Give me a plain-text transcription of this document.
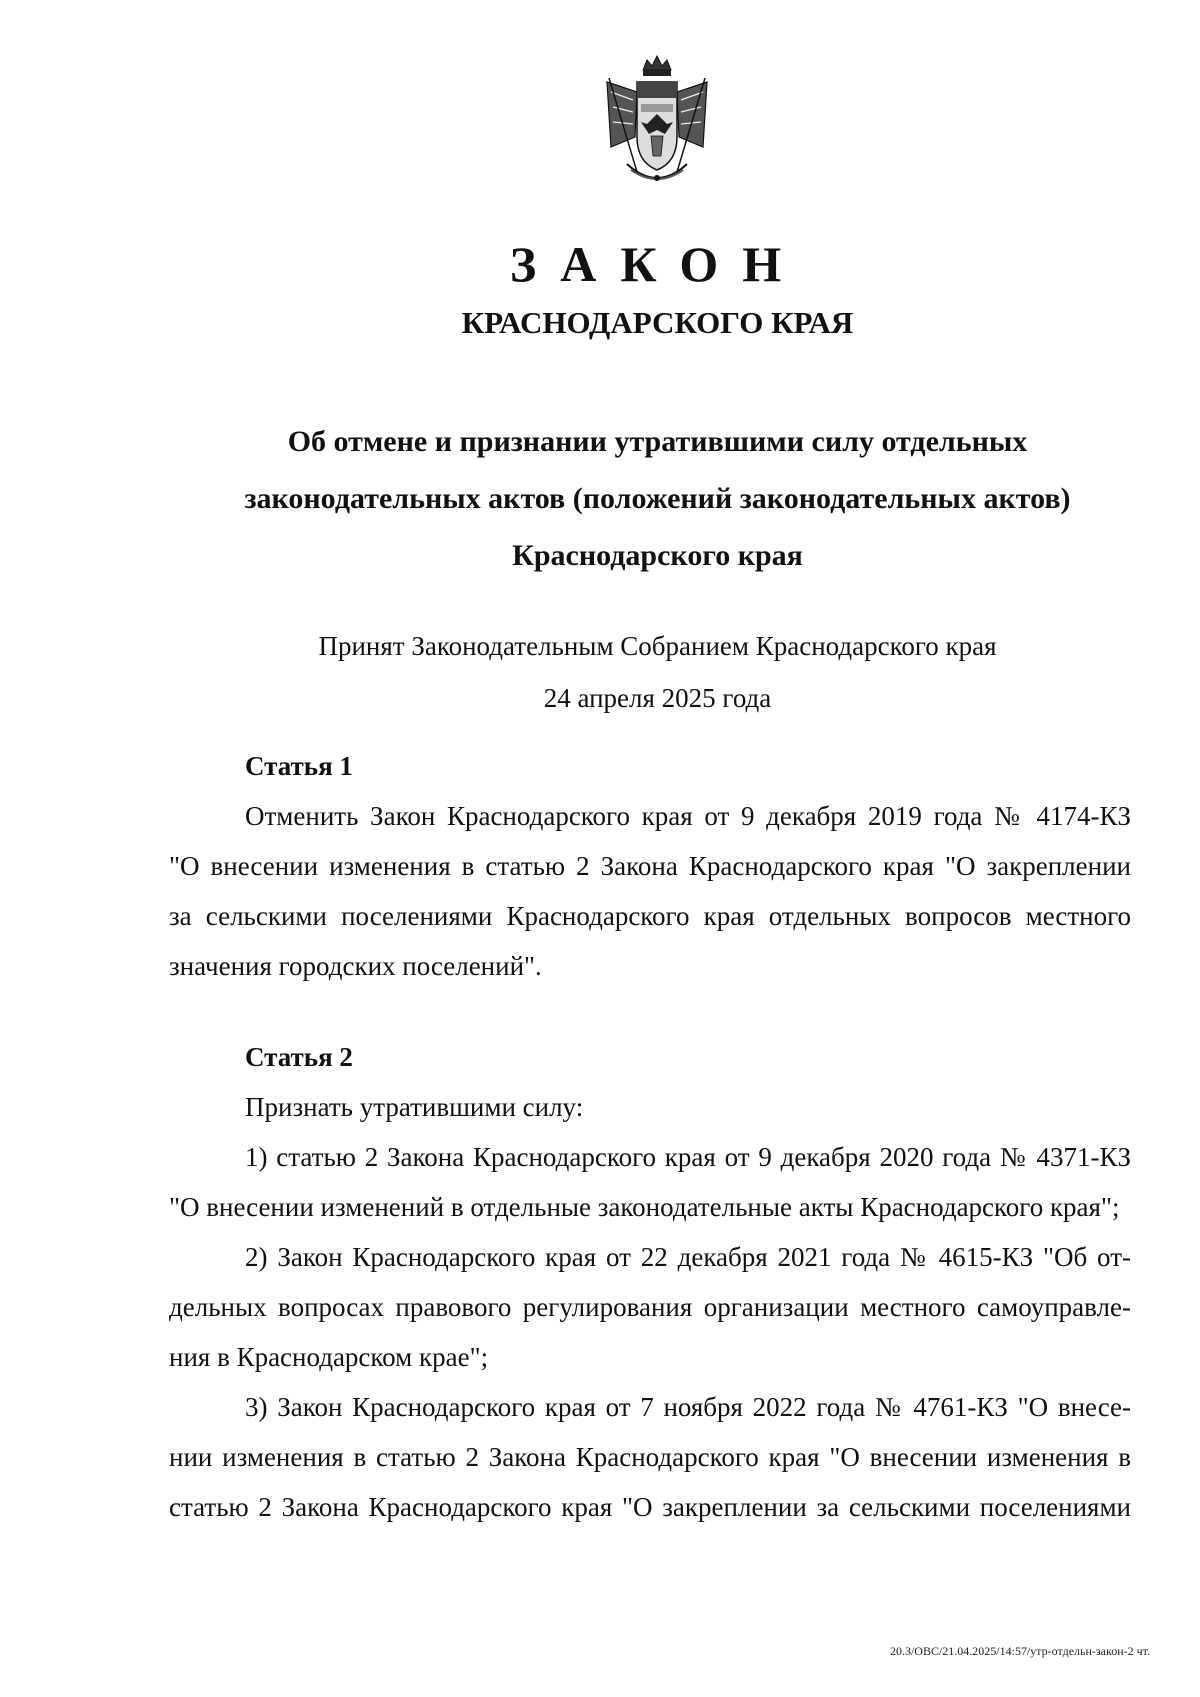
ЗАКОН
КРАСНОДАРСКОГО КРАЯ
Об отмене и признании утратившими силу отдельных
законодательных актов (положений законодательных актов)
Краснодарского края
Принят Законодательным Собранием Краснодарского края
24 апреля 2025 года
Статья 1
Отменить Закон Краснодарского края от 9 декабря 2019 года № 4174-КЗ
"О внесении изменения в статью 2 Закона Краснодарского края "О закреплении
за сельскими поселениями Краснодарского края отдельных вопросов местного
значения городских поселений".
Статья 2
Признать утратившими силу:
1) статью 2 Закона Краснодарского края от 9 декабря 2020 года № 4371-КЗ
"О внесении изменений в отдельные законодательные акты Краснодарского края";
2) Закон Краснодарского края от 22 декабря 2021 года № 4615-КЗ "Об от-
дельных вопросах правового регулирования организации местного самоуправле-
ния в Краснодарском крае";
3) Закон Краснодарского края от 7 ноября 2022 года № 4761-КЗ "О внесе-
нии изменения в статью 2 Закона Краснодарского края "О внесении изменения в
статью 2 Закона Краснодарского края "О закреплении за сельскими поселениями
20.3/ОВС/21.04.2025/14:57/утр-отдельн-закон-2 чт.
